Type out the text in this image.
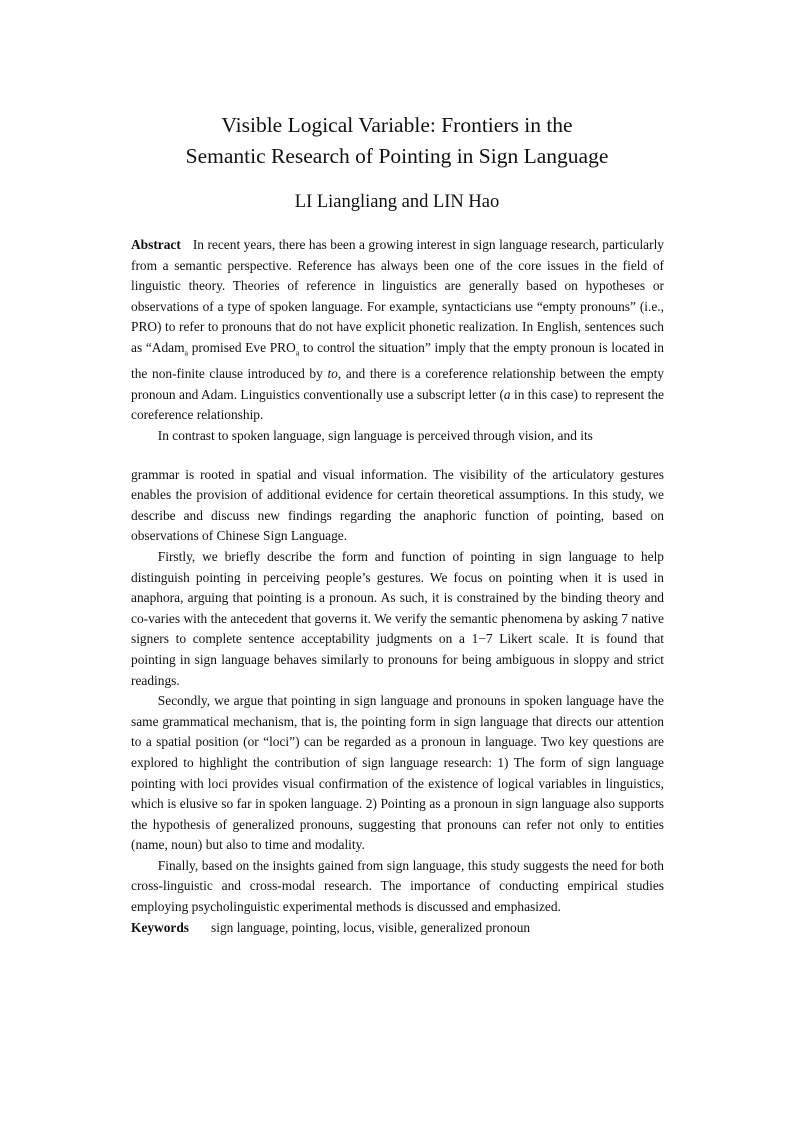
Visible Logical Variable: Frontiers in the
Semantic Research of Pointing in Sign Language
LI Liangliang and LIN Hao

Abstract In recent years, there has been a growing interest in sign language research, particularly from a semantic perspective. Reference has always been one of the core issues in the field of linguistic theory. Theories of reference in linguistics are generally based on hypotheses or observations of a type of spoken language. For example, syntacticians use “empty pronouns” (i.e., PRO) to refer to pronouns that do not have explicit phonetic realization. In English, sentences such as “Adam$_a$ promised Eve $PRO_a$ to control the situation” imply that the empty pronoun is located in the non-finite clause introduced by to, and there is a coreference relationship between the empty pronoun and Adam. Linguistics conventionally use a subscript letter (a in this case) to represent the coreference relationship.

In contrast to spoken language, sign language is perceived through vision, and its

grammar is rooted in spatial and visual information. The visibility of the articulatory gestures enables the provision of additional evidence for certain theoretical assumptions. In this study, we describe and discuss new findings regarding the anaphoric function of pointing, based on observations of Chinese Sign Language.

Firstly, we briefly describe the form and function of pointing in sign language to help distinguish pointing in perceiving people’s gestures. We focus on pointing when it is used in anaphora, arguing that pointing is a pronoun. As such, it is constrained by the binding theory and co-varies with the antecedent that governs it. We verify the semantic phenomena by asking 7 native signers to complete sentence acceptability judgments on a 1−7 Likert scale. It is found that pointing in sign language behaves similarly to pronouns for being ambiguous in sloppy and strict readings.

Secondly, we argue that pointing in sign language and pronouns in spoken language have the same grammatical mechanism, that is, the pointing form in sign language that directs our attention to a spatial position (or “loci”) can be regarded as a pronoun in language. Two key questions are explored to highlight the contribution of sign language research: 1) The form of sign language pointing with loci provides visual confirmation of the existence of logical variables in linguistics, which is elusive so far in spoken language. 2) Pointing as a pronoun in sign language also supports the hypothesis of generalized pronouns, suggesting that pronouns can refer not only to entities (name, noun) but also to time and modality.

Finally, based on the insights gained from sign language, this study suggests the need for both cross-linguistic and cross-modal research. The importance of conducting empirical studies employing psycholinguistic experimental methods is discussed and emphasized.

Keywords sign language, pointing, locus, visible, generalized pronoun
